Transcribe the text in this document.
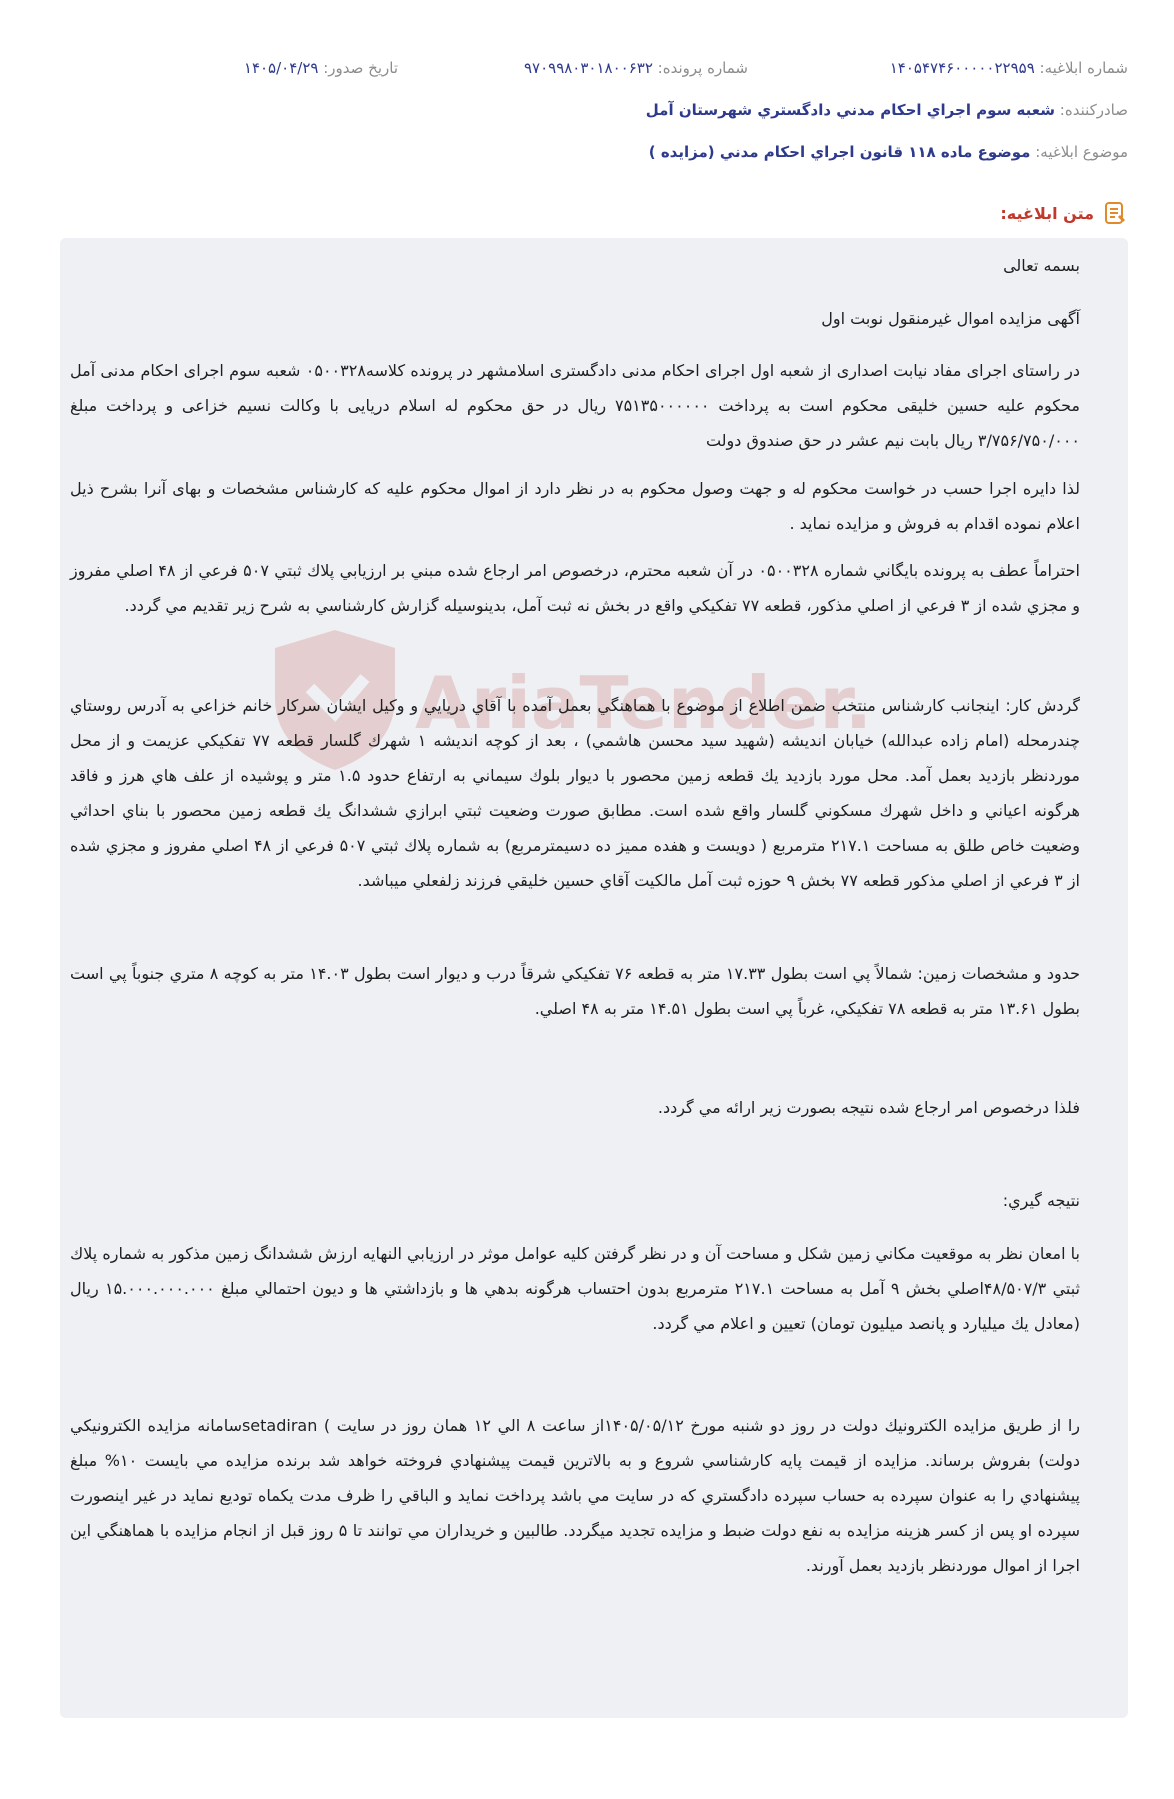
شماره ابلاغیه: ۱۴۰۵۴۷۴۶۰۰۰۰۰۲۲۹۵۹
شماره پرونده: ۹۷۰۹۹۸۰۳۰۱۸۰۰۶۳۲
تاریخ صدور: ۱۴۰۵/۰۴/۲۹
صادرکننده: شعبه سوم اجراي احكام مدني دادگستري شهرستان آمل
موضوع ابلاغیه: موضوع ماده ۱۱۸ قانون اجراي احكام مدني (مزايده )
متن ابلاغیه:
AriaTender.

بسمه تعالی

آگهی مزایده اموال غیرمنقول نوبت اول

در راستای اجرای مفاد نیابت اصداری از شعبه اول اجرای احکام مدنی دادگستری اسلامشهر در پرونده کلاسه۰۵۰۰۳۲۸ شعبه سوم اجرای احکام مدنی آمل محکوم علیه حسین خلیقی محکوم است به پرداخت ۷۵۱۳۵۰۰۰۰۰۰ ریال در حق محکوم له اسلام دریایی با وکالت نسیم خزاعی و پرداخت مبلغ ۳/۷۵۶/۷۵۰/۰۰۰ ریال بابت نیم عشر در حق صندوق دولت

لذا دایره اجرا حسب در خواست محکوم له و جهت وصول محکوم به در نظر دارد از اموال محکوم علیه که کارشناس مشخصات و بهای آنرا بشرح ذیل اعلام نموده اقدام به فروش و مزایده نماید .

احتراماً عطف به پرونده بايگاني شماره ۰۵۰۰۳۲۸ در آن شعبه محترم، درخصوص امر ارجاع شده مبني بر ارزيابي پلاك ثبتي ۵۰۷ فرعي از ۴۸ اصلي مفروز و مجزي شده از ۳ فرعي از اصلي مذكور، قطعه ۷۷ تفكيكي واقع در بخش نه ثبت آمل، بدينوسيله گزارش كارشناسي به شرح زير تقديم مي گردد.

گردش كار: اينجانب كارشناس منتخب ضمن اطلاع از موضوع با هماهنگي بعمل آمده با آقاي دريايي و وكيل ايشان سركار خانم خزاعي به آدرس روستاي چندرمحله (امام زاده عبدالله) خيابان انديشه (شهيد سيد محسن هاشمي) ، بعد از كوچه انديشه ۱ شهرك گلسار قطعه ۷۷ تفكيكي عزيمت و از محل موردنظر بازديد بعمل آمد. محل مورد بازديد يك قطعه زمين محصور با ديوار بلوك سيماني به ارتفاع حدود ۱.۵ متر و پوشيده از علف هاي هرز و فاقد هرگونه اعياني و داخل شهرك مسكوني گلسار واقع شده است. مطابق صورت وضعيت ثبتي ابرازي ششدانگ يك قطعه زمين محصور با بناي احداثي وضعيت خاص طلق به مساحت ۲۱۷.۱ مترمربع ( دويست و هفده مميز ده دسيمترمربع) به شماره پلاك ثبتي ۵۰۷ فرعي از ۴۸ اصلي مفروز و مجزي شده از ۳ فرعي از اصلي مذكور قطعه ۷۷ بخش ۹ حوزه ثبت آمل مالكيت آقاي حسين خليقي فرزند زلفعلي ميباشد.

حدود و مشخصات زمين: شمالاً پي است بطول ۱۷.۳۳ متر به قطعه ۷۶ تفكيكي شرقاً درب و ديوار است بطول ۱۴.۰۳ متر به كوچه ۸ متري جنوباً پي است بطول ۱۳.۶۱ متر به قطعه ۷۸ تفكيكي، غرباً پي است بطول ۱۴.۵۱ متر به ۴۸ اصلي.

فلذا درخصوص امر ارجاع شده نتيجه بصورت زير ارائه مي گردد.

نتيجه گيري:

با امعان نظر به موقعيت مكاني زمين شكل و مساحت آن و در نظر گرفتن كليه عوامل موثر در ارزيابي النهايه ارزش ششدانگ زمين مذكور به شماره پلاك ثبتي ۴۸/۵۰۷/۳اصلي بخش ۹ آمل به مساحت ۲۱۷.۱ مترمربع بدون احتساب هرگونه بدهي ها و بازداشتي ها و ديون احتمالي مبلغ ۱۵.۰۰۰.۰۰۰.۰۰۰ ريال (معادل يك ميليارد و پانصد ميليون تومان) تعيين و اعلام مي گردد.

را از طريق مزايده الكترونيك دولت در روز دو شنبه مورخ ۱۴۰۵/۰۵/۱۲از ساعت ۸ الي ۱۲ همان روز در سايت ) setadiranسامانه مزايده الكترونيكي دولت) بفروش برساند. مزايده از قيمت پايه كارشناسي شروع و به بالاترين قيمت پيشنهادي فروخته خواهد شد برنده مزايده مي بايست ۱۰% مبلغ پيشنهادي را به عنوان سپرده به حساب سپرده دادگستري كه در سايت مي باشد پرداخت نمايد و الباقي را ظرف مدت يكماه توديع نمايد در غير اينصورت سپرده او پس از كسر هزينه مزايده به نفع دولت ضبط و مزايده تجديد ميگردد. طالبين و خريداران مي توانند تا ۵ روز قبل از انجام مزايده با هماهنگي اين اجرا از اموال موردنظر بازديد بعمل آورند.
